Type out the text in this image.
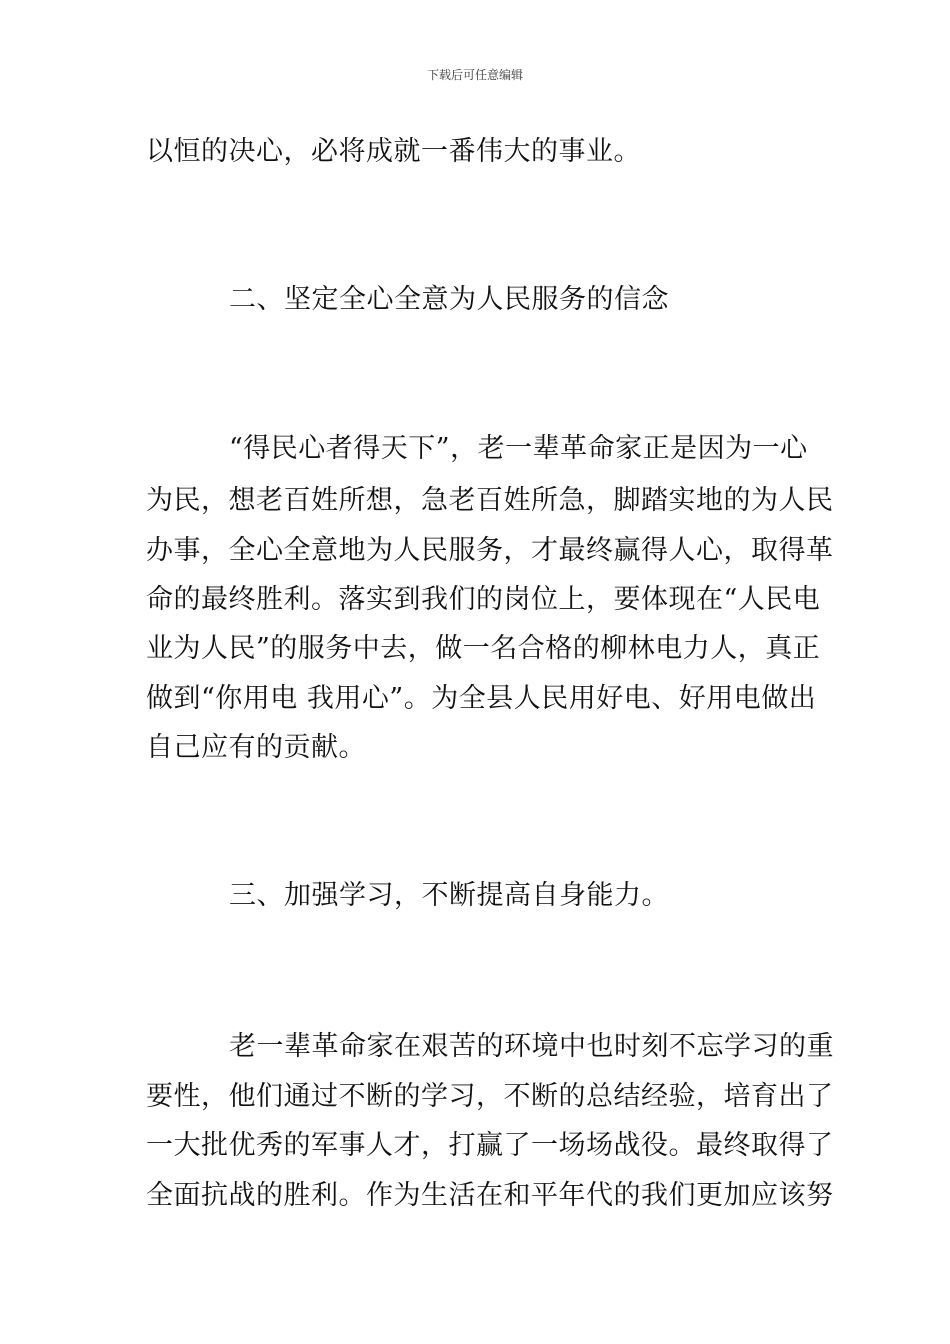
下载后可任意编辑
以恒的决心，必将成就一番伟大的事业。
二、坚定全心全意为人民服务的信念
“得民心者得天下”，老一辈革命家正是因为一心
为民，想老百姓所想，急老百姓所急，脚踏实地的为人民
办事，全心全意地为人民服务，才最终赢得人心，取得革
命的最终胜利。落实到我们的岗位上，要体现在“人民电
业为人民”的服务中去，做一名合格的柳林电力人，真正
做到“你用电 我用心”。为全县人民用好电、好用电做出
自己应有的贡献。
三、加强学习，不断提高自身能力。
老一辈革命家在艰苦的环境中也时刻不忘学习的重
要性，他们通过不断的学习，不断的总结经验，培育出了
一大批优秀的军事人才，打赢了一场场战役。最终取得了
全面抗战的胜利。作为生活在和平年代的我们更加应该努
